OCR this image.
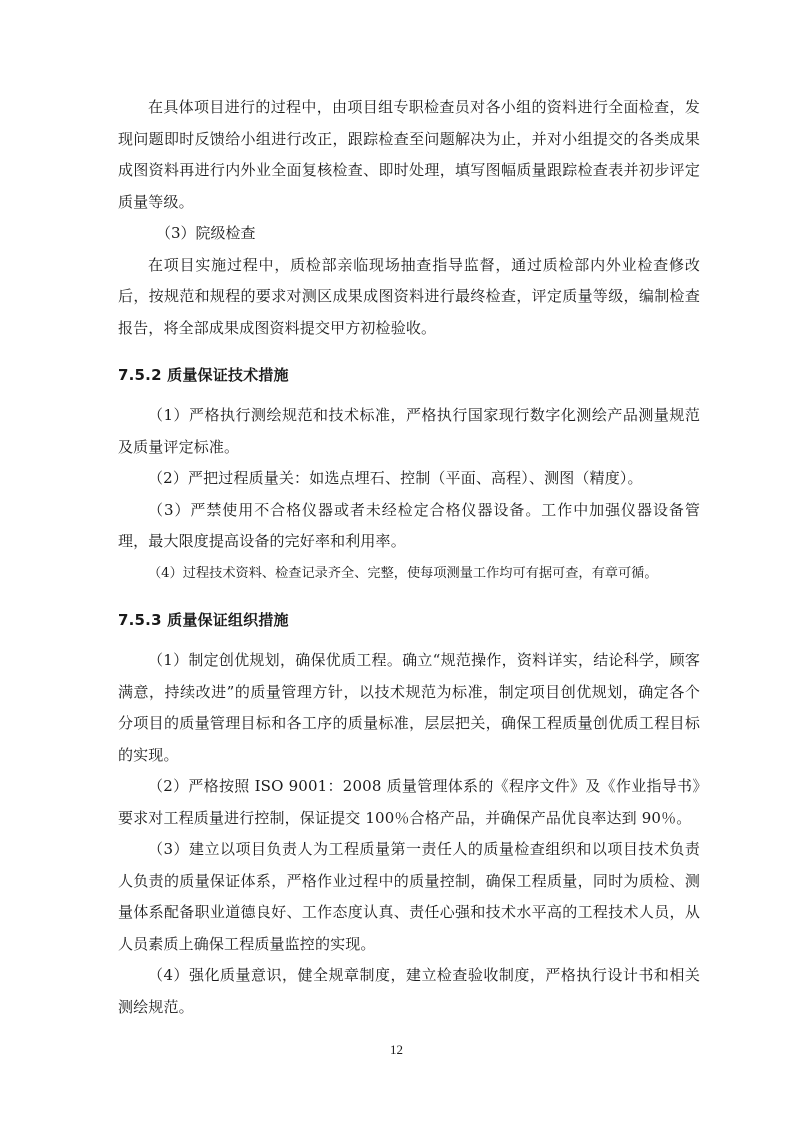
在具体项目进行的过程中，由项目组专职检查员对各小组的资料进行全面检查，发现问题即时反馈给小组进行改正，跟踪检查至问题解决为止，并对小组提交的各类成果成图资料再进行内外业全面复核检查、即时处理，填写图幅质量跟踪检查表并初步评定质量等级。

（3）院级检查

在项目实施过程中，质检部亲临现场抽查指导监督，通过质检部内外业检查修改后，按规范和规程的要求对测区成果成图资料进行最终检查，评定质量等级，编制检查报告，将全部成果成图资料提交甲方初检验收。

7.5.2 质量保证技术措施

（1）严格执行测绘规范和技术标准，严格执行国家现行数字化测绘产品测量规范及质量评定标准。

（2）严把过程质量关：如选点埋石、控制（平面、高程）、测图（精度）。

（3）严禁使用不合格仪器或者未经检定合格仪器设备。工作中加强仪器设备管理，最大限度提高设备的完好率和利用率。

（4）过程技术资料、检查记录齐全、完整，使每项测量工作均可有据可查，有章可循。

7.5.3 质量保证组织措施

（1）制定创优规划，确保优质工程。确立“规范操作，资料详实，结论科学，顾客满意，持续改进”的质量管理方针，以技术规范为标准，制定项目创优规划，确定各个分项目的质量管理目标和各工序的质量标准，层层把关，确保工程质量创优质工程目标的实现。

（2）严格按照 ISO 9001：2008 质量管理体系的《程序文件》及《作业指导书》要求对工程质量进行控制，保证提交 100％合格产品，并确保产品优良率达到 90％。

（3）建立以项目负责人为工程质量第一责任人的质量检查组织和以项目技术负责人负责的质量保证体系，严格作业过程中的质量控制，确保工程质量，同时为质检、测量体系配备职业道德良好、工作态度认真、责任心强和技术水平高的工程技术人员，从人员素质上确保工程质量监控的实现。

（4）强化质量意识，健全规章制度，建立检查验收制度，严格执行设计书和相关测绘规范。

12
